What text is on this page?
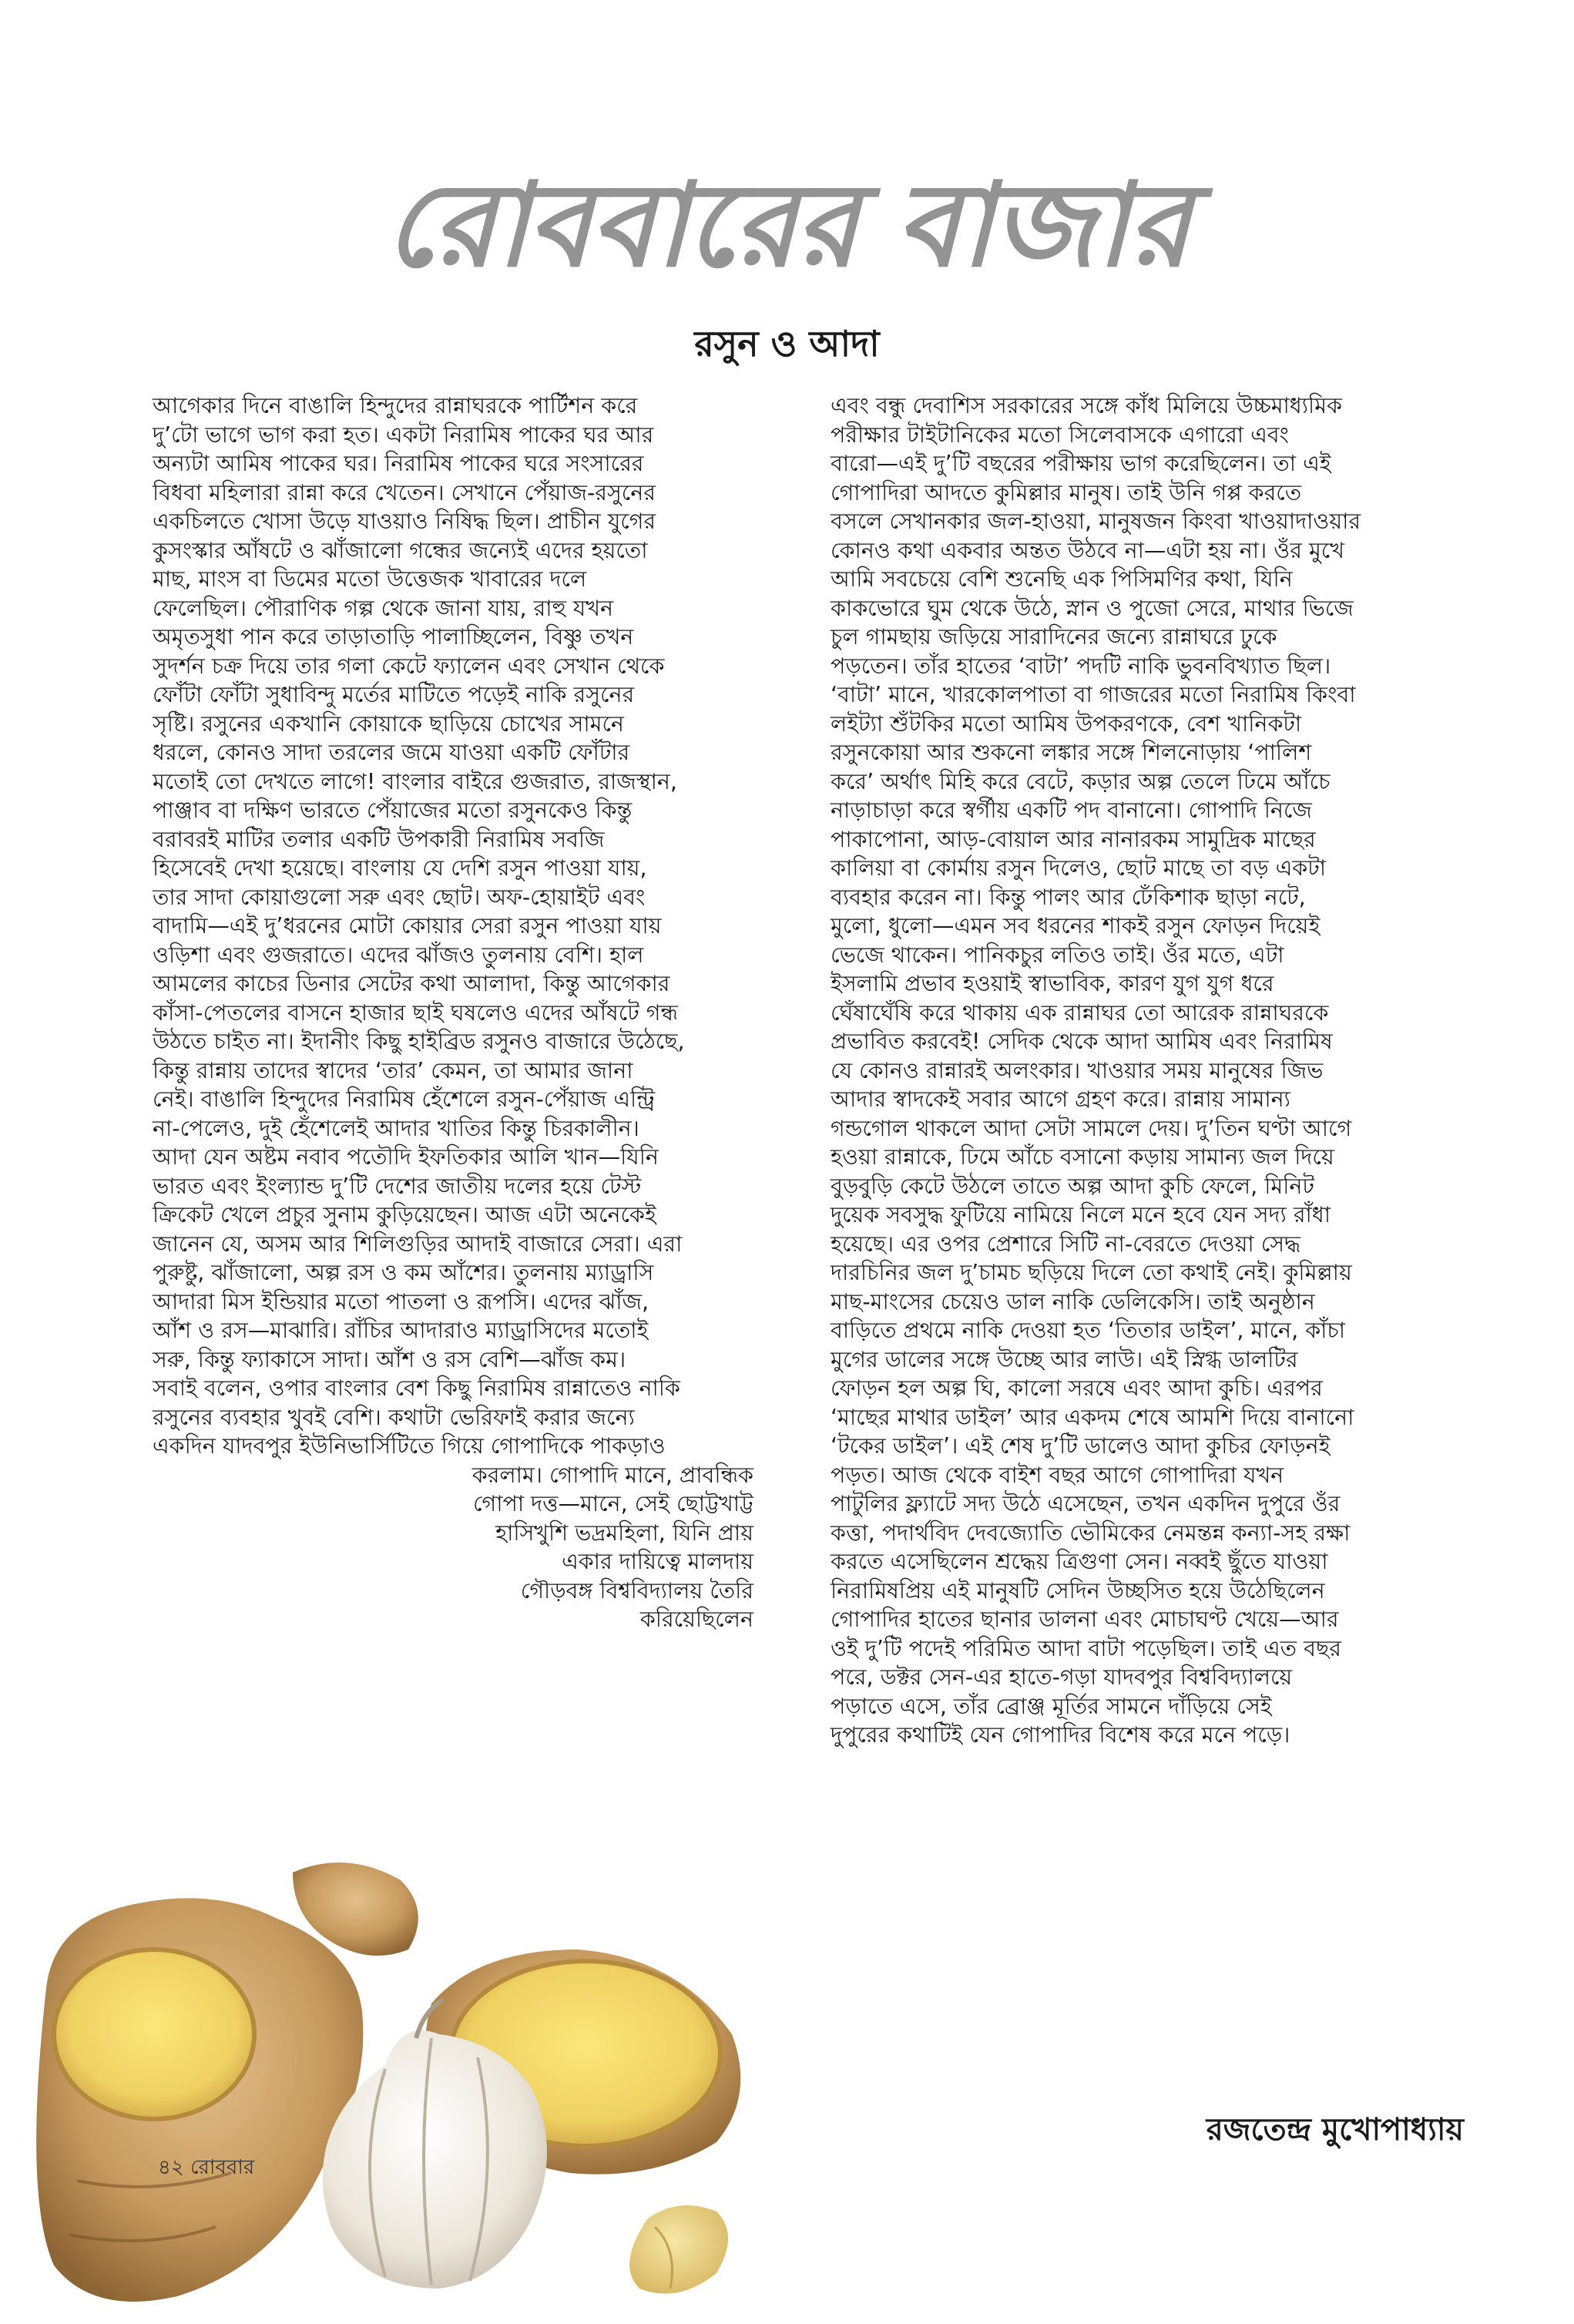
রোববারের বাজার
রসুন ও আদা

আগেকার দিনে বাঙালি হিন্দুদের রান্নাঘরকে পার্টিশন করে

দু’টো ভাগে ভাগ করা হত। একটা নিরামিষ পাকের ঘর আর

অন্যটা আমিষ পাকের ঘর। নিরামিষ পাকের ঘরে সংসারের

বিধবা মহিলারা রান্না করে খেতেন। সেখানে পেঁয়াজ-রসুনের

একচিলতে খোসা উড়ে যাওয়াও নিষিদ্ধ ছিল। প্রাচীন যুগের

কুসংস্কার আঁষটে ও ঝাঁজালো গন্ধের জন্যেই এদের হয়তো

মাছ, মাংস বা ডিমের মতো উত্তেজক খাবারের দলে

ফেলেছিল। পৌরাণিক গল্প থেকে জানা যায়, রাহু যখন

অমৃতসুধা পান করে তাড়াতাড়ি পালাচ্ছিলেন, বিষ্ণু তখন

সুদর্শন চক্র দিয়ে তার গলা কেটে ফ্যালেন এবং সেখান থেকে

ফোঁটা ফোঁটা সুধাবিন্দু মর্তের মাটিতে পড়েই নাকি রসুনের

সৃষ্টি। রসুনের একখানি কোয়াকে ছাড়িয়ে চোখের সামনে

ধরলে, কোনও সাদা তরলের জমে যাওয়া একটি ফোঁটার

মতোই তো দেখতে লাগে! বাংলার বাইরে গুজরাত, রাজস্থান,

পাঞ্জাব বা দক্ষিণ ভারতে পেঁয়াজের মতো রসুনকেও কিন্তু

বরাবরই মাটির তলার একটি উপকারী নিরামিষ সবজি

হিসেবেই দেখা হয়েছে। বাংলায় যে দেশি রসুন পাওয়া যায়,

তার সাদা কোয়াগুলো সরু এবং ছোট। অফ-হোয়াইট এবং

বাদামি—এই দু’ধরনের মোটা কোয়ার সেরা রসুন পাওয়া যায়

ওড়িশা এবং গুজরাতে। এদের ঝাঁজও তুলনায় বেশি। হাল

আমলের কাচের ডিনার সেটের কথা আলাদা, কিন্তু আগেকার

কাঁসা-পেতলের বাসনে হাজার ছাই ঘষলেও এদের আঁষটে গন্ধ

উঠতে চাইত না। ইদানীং কিছু হাইব্রিড রসুনও বাজারে উঠেছে,

কিন্তু রান্নায় তাদের স্বাদের ‘তার’ কেমন, তা আমার জানা

নেই। বাঙালি হিন্দুদের নিরামিষ হেঁশেলে রসুন-পেঁয়াজ এন্ট্রি

না-পেলেও, দুই হেঁশেলেই আদার খাতির কিন্তু চিরকালীন।

আদা যেন অষ্টম নবাব পতৌদি ইফতিকার আলি খান—যিনি

ভারত এবং ইংল্যান্ড দু’টি দেশের জাতীয় দলের হয়ে টেস্ট

ক্রিকেট খেলে প্রচুর সুনাম কুড়িয়েছেন। আজ এটা অনেকেই

জানেন যে, অসম আর শিলিগুড়ির আদাই বাজারে সেরা। এরা

পুরুষ্টু, ঝাঁজালো, অল্প রস ও কম আঁশের। তুলনায় ম্যাড্রাসি

আদারা মিস ইন্ডিয়ার মতো পাতলা ও রূপসি। এদের ঝাঁজ,

আঁশ ও রস—মাঝারি। রাঁচির আদারাও ম্যাড্রাসিদের মতোই

সরু, কিন্তু ফ্যাকাসে সাদা। আঁশ ও রস বেশি—ঝাঁজ কম।

সবাই বলেন, ওপার বাংলার বেশ কিছু নিরামিষ রান্নাতেও নাকি

রসুনের ব্যবহার খুবই বেশি। কথাটা ভেরিফাই করার জন্যে

একদিন যাদবপুর ইউনিভার্সিটিতে গিয়ে গোপাদিকে পাকড়াও

করলাম। গোপাদি মানে, প্রাবন্ধিক

গোপা দত্ত—মানে, সেই ছোট্টখাট্ট

হাসিখুশি ভদ্রমহিলা, যিনি প্রায়

একার দায়িত্বে মালদায়

গৌড়বঙ্গ বিশ্ববিদ্যালয় তৈরি

করিয়েছিলেন

এবং বন্ধু দেবাশিস সরকারের সঙ্গে কাঁধ মিলিয়ে উচ্চমাধ্যমিক

পরীক্ষার টাইটানিকের মতো সিলেবাসকে এগারো এবং

বারো—এই দু’টি বছরের পরীক্ষায় ভাগ করেছিলেন। তা এই

গোপাদিরা আদতে কুমিল্লার মানুষ। তাই উনি গপ্প করতে

বসলে সেখানকার জল-হাওয়া, মানুষজন কিংবা খাওয়াদাওয়ার

কোনও কথা একবার অন্তত উঠবে না—এটা হয় না। ওঁর মুখে

আমি সবচেয়ে বেশি শুনেছি এক পিসিমণির কথা, যিনি

কাকভোরে ঘুম থেকে উঠে, স্নান ও পুজো সেরে, মাথার ভিজে

চুল গামছায় জড়িয়ে সারাদিনের জন্যে রান্নাঘরে ঢুকে

পড়তেন। তাঁর হাতের ‘বাটা’ পদটি নাকি ভুবনবিখ্যাত ছিল।

‘বাটা’ মানে, খারকোলপাতা বা গাজরের মতো নিরামিষ কিংবা

লইট্যা শুঁটকির মতো আমিষ উপকরণকে, বেশ খানিকটা

রসুনকোয়া আর শুকনো লঙ্কার সঙ্গে শিলনোড়ায় ‘পালিশ

করে’ অর্থাৎ মিহি করে বেটে, কড়ার অল্প তেলে ঢিমে আঁচে

নাড়াচাড়া করে স্বর্গীয় একটি পদ বানানো। গোপাদি নিজে

পাকাপোনা, আড়-বোয়াল আর নানারকম সামুদ্রিক মাছের

কালিয়া বা কোর্মায় রসুন দিলেও, ছোট মাছে তা বড় একটা

ব্যবহার করেন না। কিন্তু পালং আর ঢেঁকিশাক ছাড়া নটে,

মুলো, ধুলো—এমন সব ধরনের শাকই রসুন ফোড়ন দিয়েই

ভেজে থাকেন। পানিকচুর লতিও তাই। ওঁর মতে, এটা

ইসলামি প্রভাব হওয়াই স্বাভাবিক, কারণ যুগ যুগ ধরে

ঘেঁষাঘেঁষি করে থাকায় এক রান্নাঘর তো আরেক রান্নাঘরকে

প্রভাবিত করবেই! সেদিক থেকে আদা আমিষ এবং নিরামিষ

যে কোনও রান্নারই অলংকার। খাওয়ার সময় মানুষের জিভ

আদার স্বাদকেই সবার আগে গ্রহণ করে। রান্নায় সামান্য

গন্ডগোল থাকলে আদা সেটা সামলে দেয়। দু’তিন ঘণ্টা আগে

হওয়া রান্নাকে, ঢিমে আঁচে বসানো কড়ায় সামান্য জল দিয়ে

বুড়বুড়ি কেটে উঠলে তাতে অল্প আদা কুচি ফেলে, মিনিট

দুয়েক সবসুদ্ধ ফুটিয়ে নামিয়ে নিলে মনে হবে যেন সদ্য রাঁধা

হয়েছে। এর ওপর প্রেশারে সিটি না-বেরতে দেওয়া সেদ্ধ

দারচিনির জল দু’চামচ ছড়িয়ে দিলে তো কথাই নেই। কুমিল্লায়

মাছ-মাংসের চেয়েও ডাল নাকি ডেলিকেসি। তাই অনুষ্ঠান

বাড়িতে প্রথমে নাকি দেওয়া হত ‘তিতার ডাইল’, মানে, কাঁচা

মুগের ডালের সঙ্গে উচ্ছে আর লাউ। এই স্নিগ্ধ ডালটির

ফোড়ন হল অল্প ঘি, কালো সরষে এবং আদা কুচি। এরপর

‘মাছের মাথার ডাইল’ আর একদম শেষে আমশি দিয়ে বানানো

‘টকের ডাইল’। এই শেষ দু’টি ডালেও আদা কুচির ফোড়নই

পড়ত। আজ থেকে বাইশ বছর আগে গোপাদিরা যখন

পাটুলির ফ্ল্যাটে সদ্য উঠে এসেছেন, তখন একদিন দুপুরে ওঁর

কত্তা, পদার্থবিদ দেবজ্যোতি ভৌমিকের নেমন্তন্ন কন্যা-সহ রক্ষা

করতে এসেছিলেন শ্রদ্ধেয় ত্রিগুণা সেন। নব্বই ছুঁতে যাওয়া

নিরামিষপ্রিয় এই মানুষটি সেদিন উচ্ছসিত হয়ে উঠেছিলেন

গোপাদির হাতের ছানার ডালনা এবং মোচাঘণ্ট খেয়ে—আর

ওই দু’টি পদেই পরিমিত আদা বাটা পড়েছিল। তাই এত বছর

পরে, ডক্টর সেন-এর হাতে-গড়া যাদবপুর বিশ্ববিদ্যালয়ে

পড়াতে এসে, তাঁর ব্রোঞ্জ মূর্তির সামনে দাঁড়িয়ে সেই

দুপুরের কথাটিই যেন গোপাদির বিশেষ করে মনে পড়ে।

৪২ রোববার
রজতেন্দ্র মুখোপাধ্যায়
